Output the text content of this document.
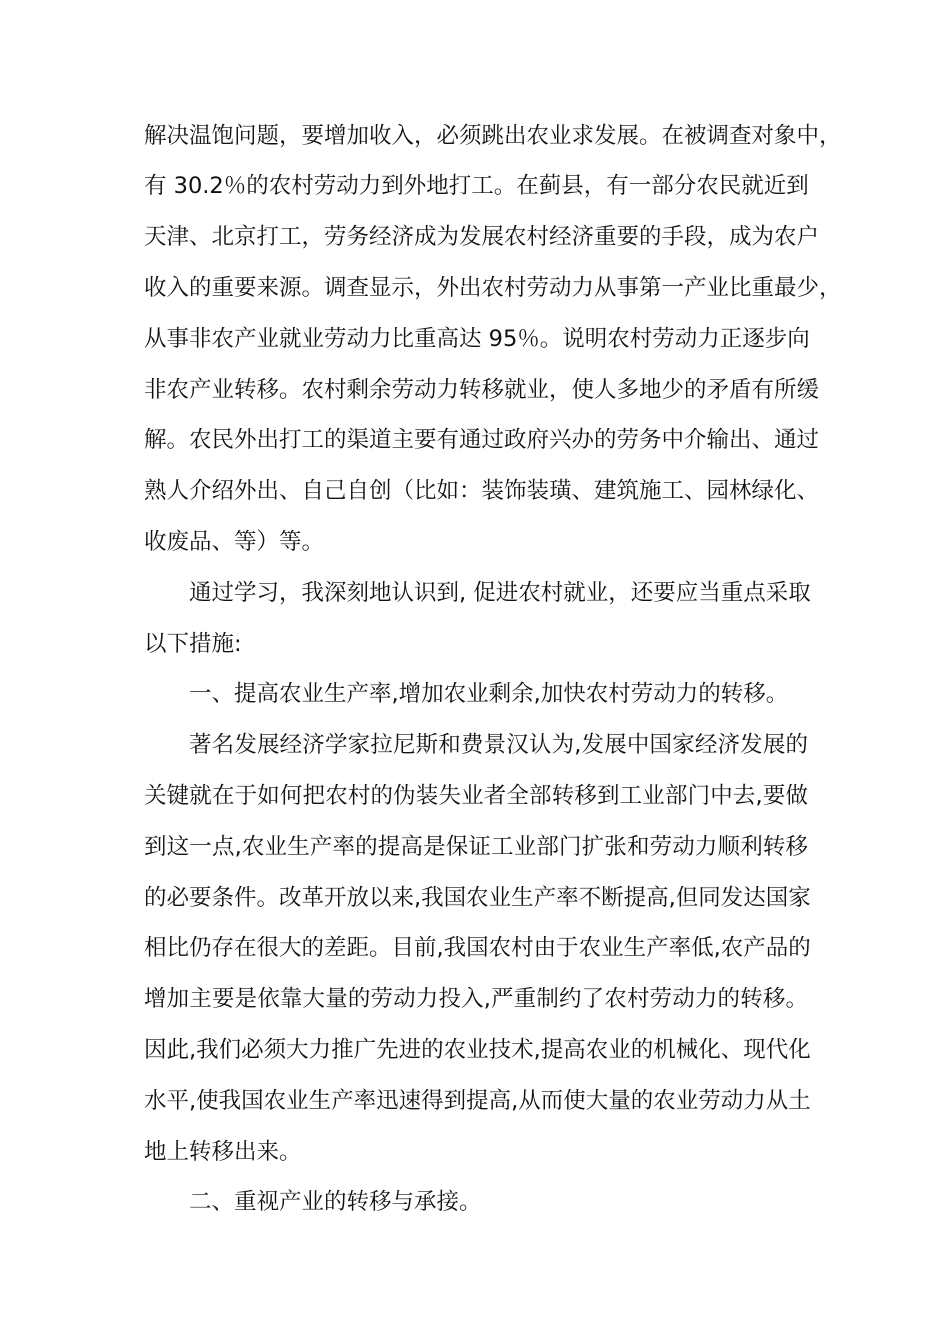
解决温饱问题，要增加收入，必须跳出农业求发展。在被调查对象中，
有 30.2％的农村劳动力到外地打工。在蓟县，有一部分农民就近到
天津、北京打工，劳务经济成为发展农村经济重要的手段，成为农户
收入的重要来源。调查显示，外出农村劳动力从事第一产业比重最少，
从事非农产业就业劳动力比重高达 95％。说明农村劳动力正逐步向
非农产业转移。农村剩余劳动力转移就业，使人多地少的矛盾有所缓
解。农民外出打工的渠道主要有通过政府兴办的劳务中介输出、通过
熟人介绍外出、自己自创（比如：装饰装璜、建筑施工、园林绿化、
收废品、等）等。
通过学习，我深刻地认识到, 促进农村就业，还要应当重点采取
以下措施:
一、提高农业生产率,增加农业剩余,加快农村劳动力的转移。
著名发展经济学家拉尼斯和费景汉认为,发展中国家经济发展的
关键就在于如何把农村的伪装失业者全部转移到工业部门中去,要做
到这一点,农业生产率的提高是保证工业部门扩张和劳动力顺利转移
的必要条件。改革开放以来,我国农业生产率不断提高,但同发达国家
相比仍存在很大的差距。目前,我国农村由于农业生产率低,农产品的
增加主要是依靠大量的劳动力投入,严重制约了农村劳动力的转移。
因此,我们必须大力推广先进的农业技术,提高农业的机械化、现代化
水平,使我国农业生产率迅速得到提高,从而使大量的农业劳动力从土
地上转移出来。
二、重视产业的转移与承接。
